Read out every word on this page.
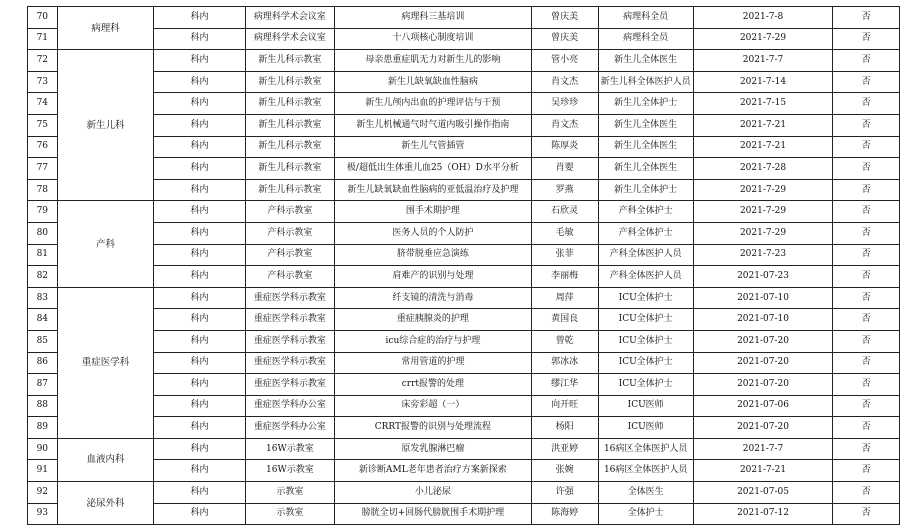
70	病理科	科内	病理科学术会议室	病理科三基培训	曾庆美	病理科全员	2021-7-8	否
71		科内	病理科学术会议室	十八项核心制度培训	曾庆美	病理科全员	2021-7-29	否
72	新生儿科	科内	新生儿科示教室	母亲患重症肌无力对新生儿的影响	管小亮	新生儿全体医生	2021-7-7	否
73		科内	新生儿科示教室	新生儿缺氧缺血性脑病	肖文杰	新生儿科全体医护人员	2021-7-14	否
74		科内	新生儿科示教室	新生儿颅内出血的护理评估与干预	吴珍珍	新生儿全体护士	2021-7-15	否
75		科内	新生儿科示教室	新生儿机械通气时气道内吸引操作指南	肖文杰	新生儿全体医生	2021-7-21	否
76		科内	新生儿科示教室	新生儿气管插管	陈厚炎	新生儿全体医生	2021-7-21	否
77		科内	新生儿科示教室	极/超低出生体重儿血25（OH）D水平分析	肖婴	新生儿全体医生	2021-7-28	否
78		科内	新生儿科示教室	新生儿缺氧缺血性脑病的亚低温治疗及护理	罗燕	新生儿全体护士	2021-7-29	否
79	产科	科内	产科示教室	围手术期护理	石欣灵	产科全体护士	2021-7-29	否
80		科内	产科示教室	医务人员的个人防护	毛敏	产科全体护士	2021-7-29	否
81		科内	产科示教室	脐带脱垂应急演练	张菲	产科全体医护人员	2021-7-23	否
82		科内	产科示教室	肩难产的识别与处理	李丽梅	产科全体医护人员	2021-07-23	否
83	重症医学科	科内	重症医学科示教室	纤支镜的清洗与消毒	周萍	ICU全体护士	2021-07-10	否
84		科内	重症医学科示教室	重症胰腺炎的护理	黄国良	ICU全体护士	2021-07-10	否
85		科内	重症医学科示教室	icu综合症的治疗与护理	曾乾	ICU全体护士	2021-07-20	否
86		科内	重症医学科示教室	常用管道的护理	郭冰冰	ICU全体护士	2021-07-20	否
87		科内	重症医学科示教室	crrt报警的处理	缪江华	ICU全体护士	2021-07-20	否
88		科内	重症医学科办公室	床旁彩超（一）	向开旺	ICU医师	2021-07-06	否
89		科内	重症医学科办公室	CRRT报警的识别与处理流程	杨阳	ICU医师	2021-07-20	否
90	血液内科	科内	16W示教室	原发乳腺淋巴瘤	洪亚婷	16病区全体医护人员	2021-7-7	否
91		科内	16W示教室	新诊断AML老年患者治疗方案新探索	张婉	16病区全体医护人员	2021-7-21	否
92	泌尿外科	科内	示教室	小儿泌尿	许强	全体医生	2021-07-05	否
93		科内	示教室	膀胱全切+回肠代膀胱围手术期护理	陈海婷	全体护士	2021-07-12	否
